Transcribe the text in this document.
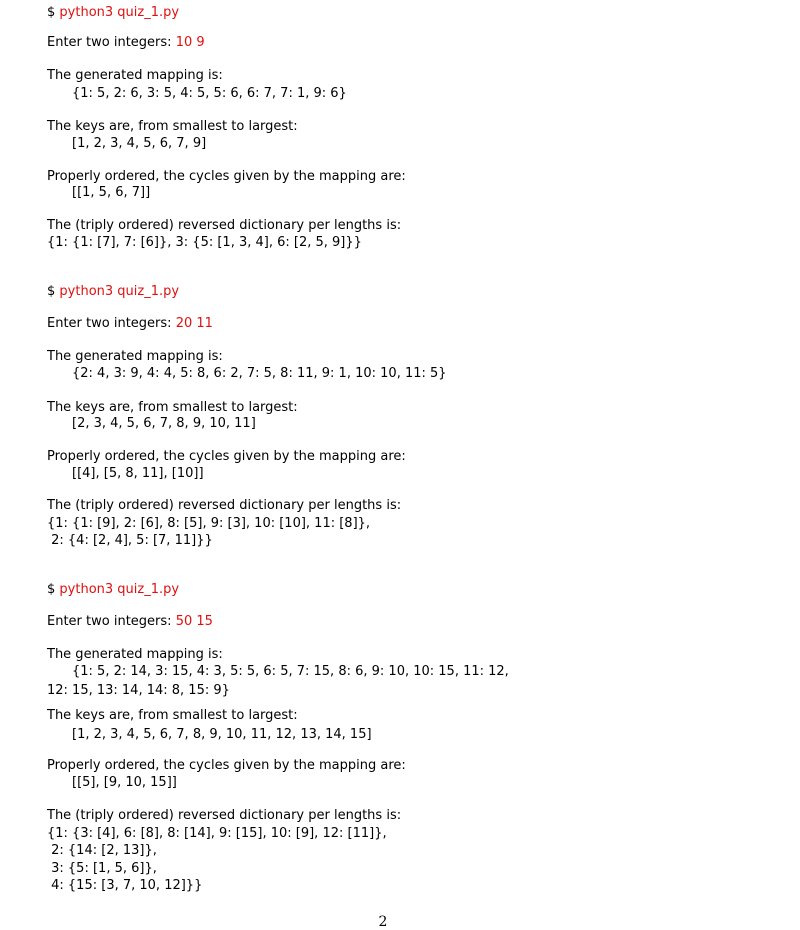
$ python3 quiz_1.py
Enter two integers: 10 9
The generated mapping is:
{1: 5, 2: 6, 3: 5, 4: 5, 5: 6, 6: 7, 7: 1, 9: 6}
The keys are, from smallest to largest:
[1, 2, 3, 4, 5, 6, 7, 9]
Properly ordered, the cycles given by the mapping are:
[[1, 5, 6, 7]]
The (triply ordered) reversed dictionary per lengths is:
{1: {1: [7], 7: [6]}, 3: {5: [1, 3, 4], 6: [2, 5, 9]}}
$ python3 quiz_1.py
Enter two integers: 20 11
The generated mapping is:
{2: 4, 3: 9, 4: 4, 5: 8, 6: 2, 7: 5, 8: 11, 9: 1, 10: 10, 11: 5}
The keys are, from smallest to largest:
[2, 3, 4, 5, 6, 7, 8, 9, 10, 11]
Properly ordered, the cycles given by the mapping are:
[[4], [5, 8, 11], [10]]
The (triply ordered) reversed dictionary per lengths is:
{1: {1: [9], 2: [6], 8: [5], 9: [3], 10: [10], 11: [8]},
2: {4: [2, 4], 5: [7, 11]}}
$ python3 quiz_1.py
Enter two integers: 50 15
The generated mapping is:
{1: 5, 2: 14, 3: 15, 4: 3, 5: 5, 6: 5, 7: 15, 8: 6, 9: 10, 10: 15, 11: 12,
12: 15, 13: 14, 14: 8, 15: 9}
The keys are, from smallest to largest:
[1, 2, 3, 4, 5, 6, 7, 8, 9, 10, 11, 12, 13, 14, 15]
Properly ordered, the cycles given by the mapping are:
[[5], [9, 10, 15]]
The (triply ordered) reversed dictionary per lengths is:
{1: {3: [4], 6: [8], 8: [14], 9: [15], 10: [9], 12: [11]},
2: {14: [2, 13]},
3: {5: [1, 5, 6]},
4: {15: [3, 7, 10, 12]}}
2
